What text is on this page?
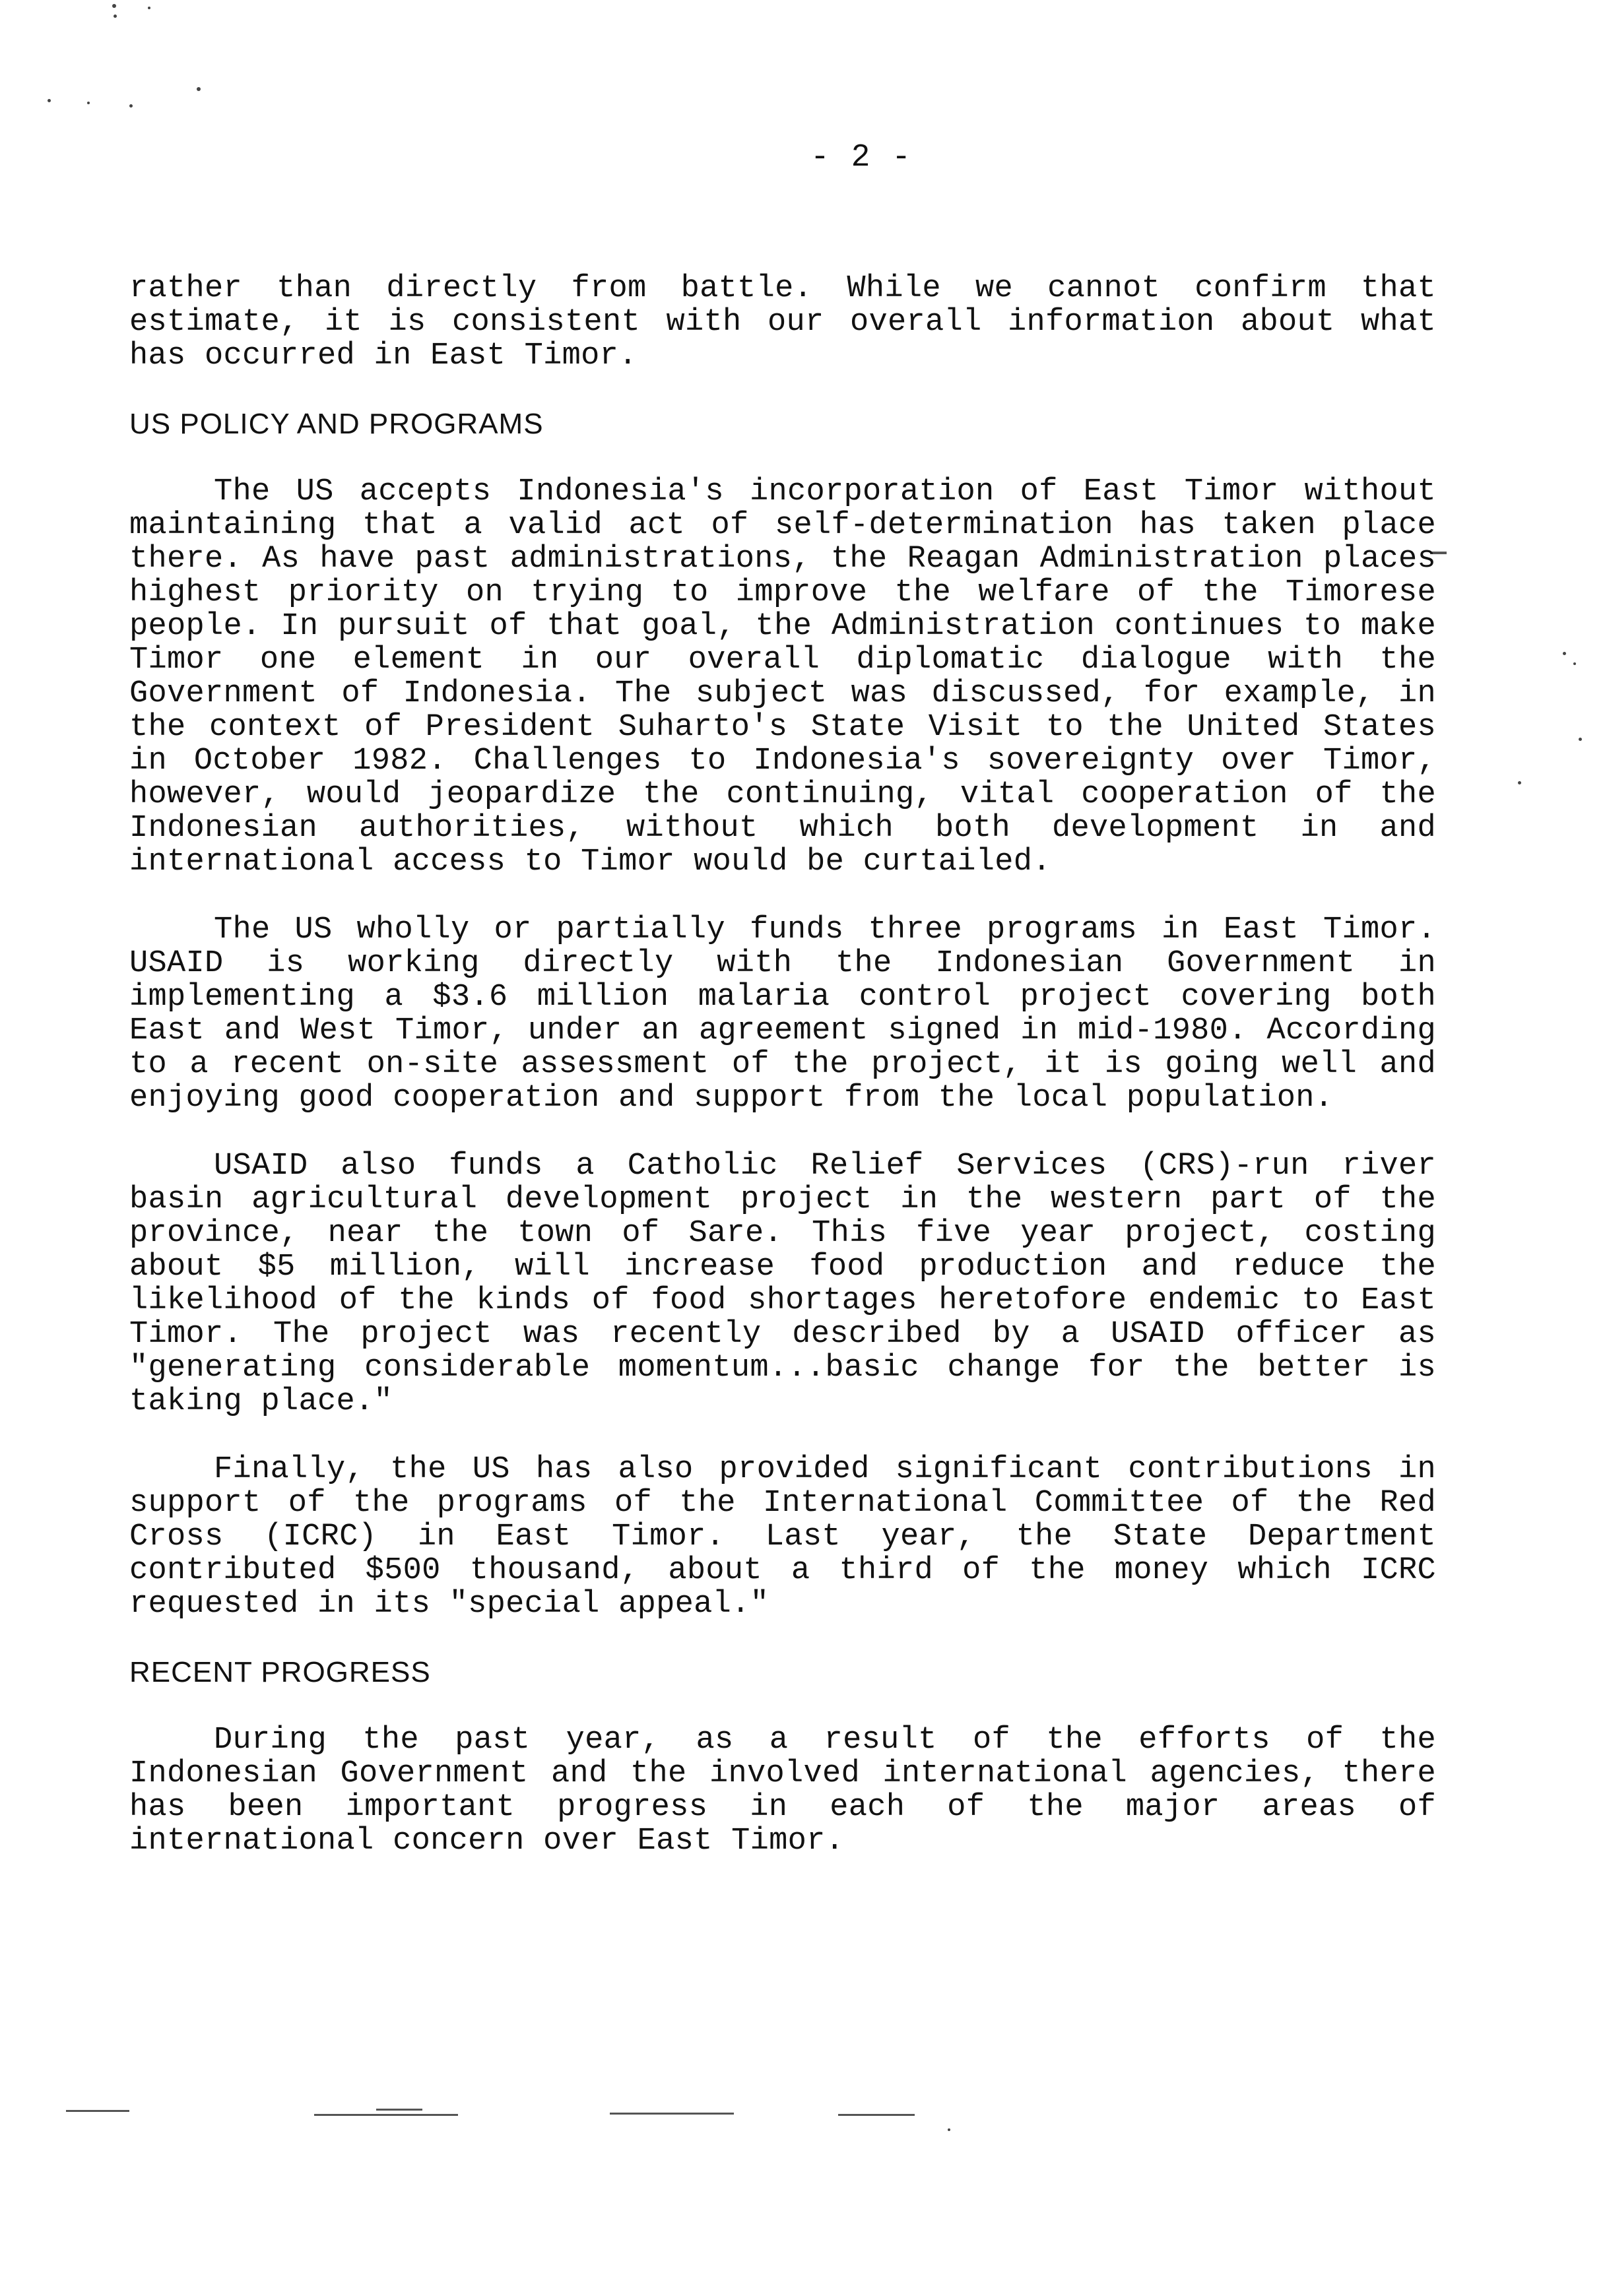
- 2 -

rather than directly from battle. While we cannot confirm that estimate, it is consistent with our overall information about what has occurred in East Timor.

US POLICY AND PROGRAMS

The US accepts Indonesia's incorporation of East Timor without maintaining that a valid act of self-determination has taken place there. As have past administrations, the Reagan Administration places highest priority on trying to improve the welfare of the Timorese people. In pursuit of that goal, the Administration continues to make Timor one element in our overall diplomatic dialogue with the Government of Indonesia. The subject was discussed, for example, in the context of President Suharto's State Visit to the United States in October 1982. Challenges to Indonesia's sovereignty over Timor, however, would jeopardize the continuing, vital cooperation of the Indonesian authorities, without which both development in and international access to Timor would be curtailed.

The US wholly or partially funds three programs in East Timor. USAID is working directly with the Indonesian Government in implementing a $3.6 million malaria control project covering both East and West Timor, under an agreement signed in mid-1980. According to a recent on-site assessment of the project, it is going well and enjoying good cooperation and support from the local population.

USAID also funds a Catholic Relief Services (CRS)-run river basin agricultural development project in the western part of the province, near the town of Sare. This five year project, costing about $5 million, will increase food production and reduce the likelihood of the kinds of food shortages heretofore endemic to East Timor. The project was recently described by a USAID officer as "generating considerable momentum...basic change for the better is taking place."

Finally, the US has also provided significant contributions in support of the programs of the International Committee of the Red Cross (ICRC) in East Timor. Last year, the State Department contributed $500 thousand, about a third of the money which ICRC requested in its "special appeal."

RECENT PROGRESS

During the past year, as a result of the efforts of the Indonesian Government and the involved international agencies, there has been important progress in each of the major areas of international concern over East Timor.
